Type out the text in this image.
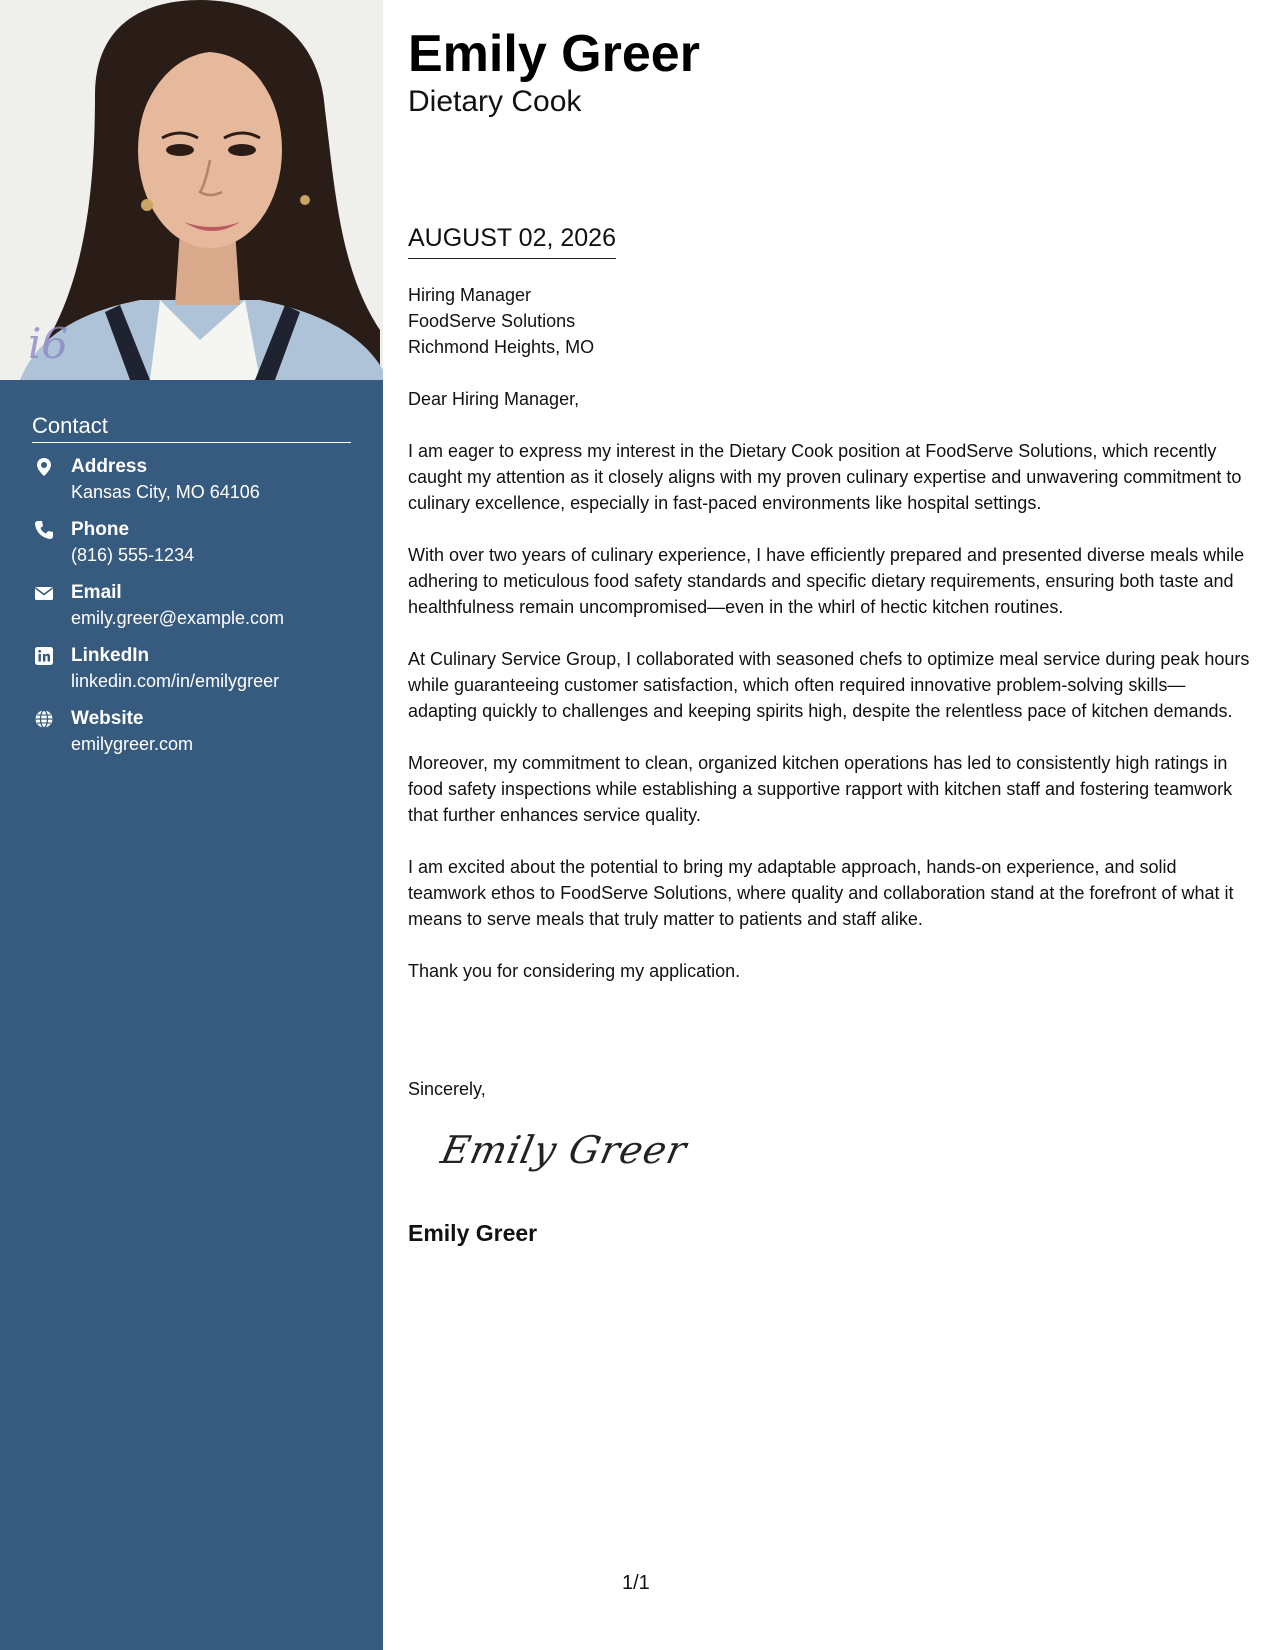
i6
Contact
Address
Kansas City, MO 64106
Phone
(816) 555-1234
Email
emily.greer@example.com
LinkedIn
linkedin.com/in/emilygreer
Website
emilygreer.com
Emily Greer
Dietary Cook
AUGUST 02, 2026
Hiring Manager
FoodServe Solutions
Richmond Heights, MO

Dear Hiring Manager,

I am eager to express my interest in the Dietary Cook position at FoodServe Solutions, which recently caught my attention as it closely aligns with my proven culinary expertise and unwavering commitment to culinary excellence, especially in fast-paced environments like hospital settings.

With over two years of culinary experience, I have efficiently prepared and presented diverse meals while adhering to meticulous food safety standards and specific dietary requirements, ensuring both taste and healthfulness remain uncompromised—even in the whirl of hectic kitchen routines.

At Culinary Service Group, I collaborated with seasoned chefs to optimize meal service during peak hours while guaranteeing customer satisfaction, which often required innovative problem-solving skills—adapting quickly to challenges and keeping spirits high, despite the relentless pace of kitchen demands.

Moreover, my commitment to clean, organized kitchen operations has led to consistently high ratings in food safety inspections while establishing a supportive rapport with kitchen staff and fostering teamwork that further enhances service quality.

I am excited about the potential to bring my adaptable approach, hands-on experience, and solid teamwork ethos to FoodServe Solutions, where quality and collaboration stand at the forefront of what it means to serve meals that truly matter to patients and staff alike.

Thank you for considering my application.

Sincerely,
Emily Greer
Emily Greer
1/1
